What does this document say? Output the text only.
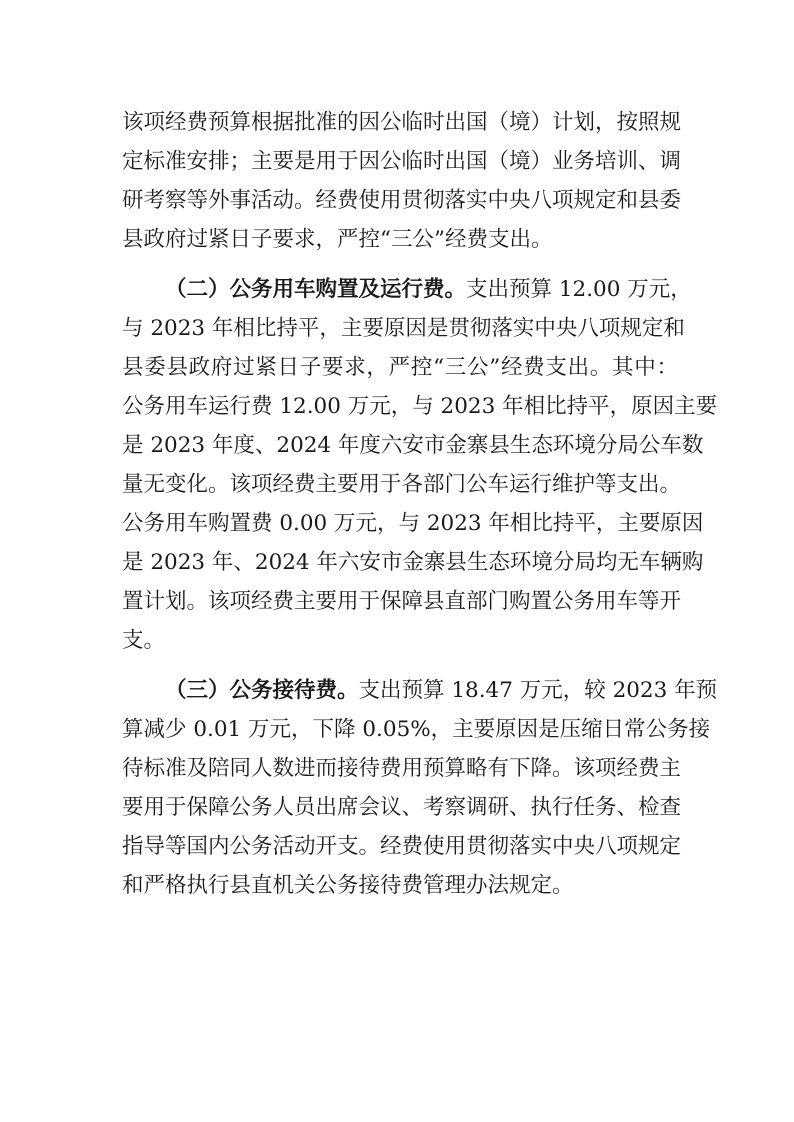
该项经费预算根据批准的因公临时出国（境）计划，按照规
定标准安排；主要是用于因公临时出国（境）业务培训、调
研考察等外事活动。经费使用贯彻落实中央八项规定和县委
县政府过紧日子要求，严控“三公”经费支出。
（二）公务用车购置及运行费。支出预算 12.00 万元，
与 2023 年相比持平，主要原因是贯彻落实中央八项规定和
县委县政府过紧日子要求，严控“三公”经费支出。其中：
公务用车运行费 12.00 万元，与 2023 年相比持平，原因主要
是 2023 年度、2024 年度六安市金寨县生态环境分局公车数
量无变化。该项经费主要用于各部门公车运行维护等支出。
公务用车购置费 0.00 万元，与 2023 年相比持平，主要原因
是 2023 年、2024 年六安市金寨县生态环境分局均无车辆购
置计划。该项经费主要用于保障县直部门购置公务用车等开
支。
（三）公务接待费。支出预算 18.47 万元，较 2023 年预
算减少 0.01 万元，下降 0.05%，主要原因是压缩日常公务接
待标准及陪同人数进而接待费用预算略有下降。该项经费主
要用于保障公务人员出席会议、考察调研、执行任务、检查
指导等国内公务活动开支。经费使用贯彻落实中央八项规定
和严格执行县直机关公务接待费管理办法规定。
